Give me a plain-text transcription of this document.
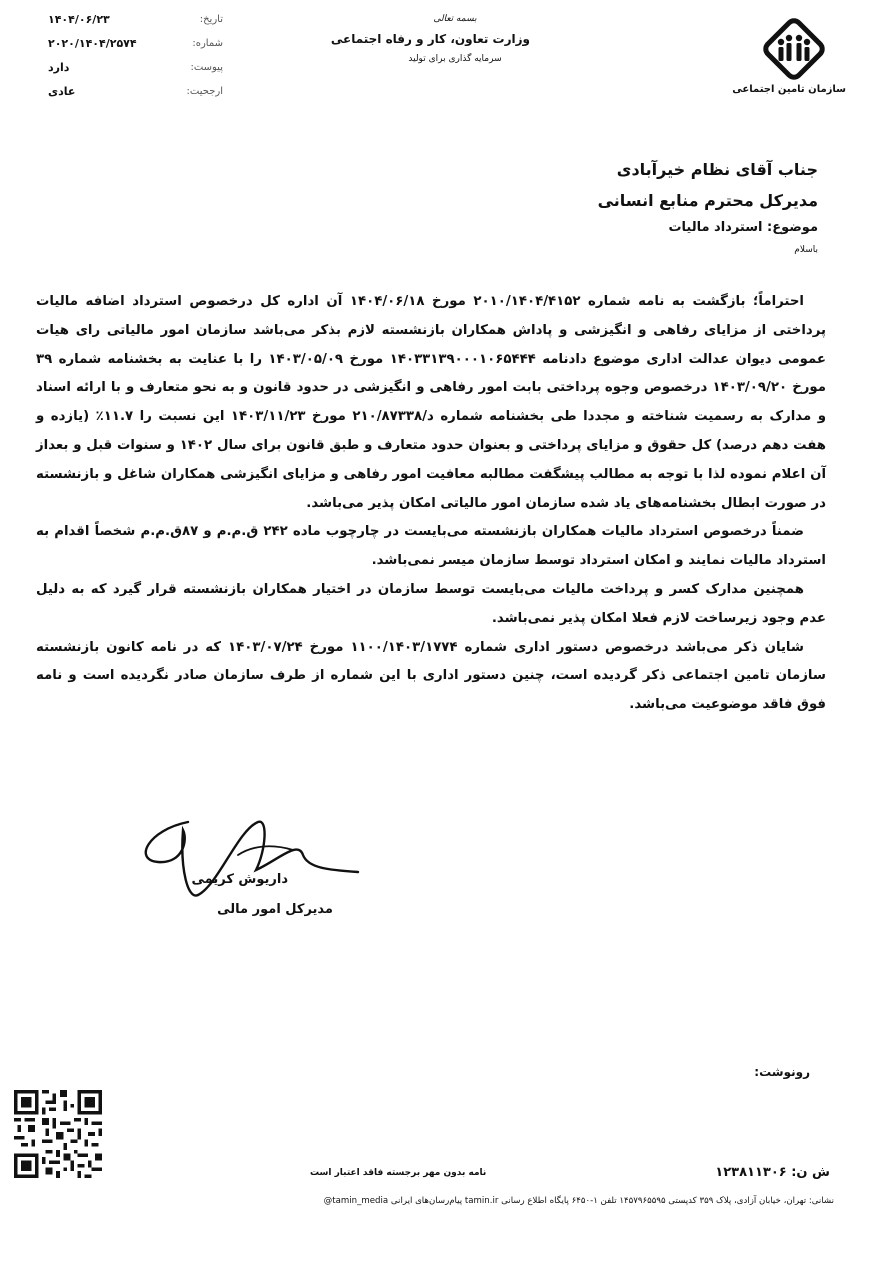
سازمان تامین اجتماعی
بسمه تعالی
وزارت تعاون، کار و رفاه اجتماعی
سرمایه گذاری برای تولید
تاریخ:
۱۴۰۴/۰۶/۲۳
شماره:
۲۰۲۰/۱۴۰۴/۲۵۷۴
پیوست:
دارد
ارجحیت:
عادی
جناب آقای نظام خیرآبادی
مدیرکل محترم منابع انسانی
موضوع: استرداد مالیات
باسلام

احتراماً؛ بازگشت به نامه شماره ۲۰۱۰/۱۴۰۴/۴۱۵۲ مورخ ۱۴۰۴/۰۶/۱۸ آن اداره کل درخصوص استرداد اضافه مالیات پرداختی از مزایای رفاهی و انگیزشی و پاداش همکاران بازنشسته لازم بذکر می‌باشد سازمان امور مالیاتی رای هیات عمومی دیوان عدالت اداری موضوع دادنامه ۱۴۰۳۳۱۳۹۰۰۰۱۰۶۵۴۴۴ مورخ ۱۴۰۳/۰۵/۰۹ را با عنایت به بخشنامه شماره ۳۹ مورخ ۱۴۰۳/۰۹/۲۰ درخصوص وجوه پرداختی بابت امور رفاهی و انگیزشی در حدود قانون و به نحو متعارف و با ارائه اسناد و مدارک به رسمیت شناخته و مجددا طی بخشنامه شماره د/۲۱۰/۸۷۳۳۸ مورخ ۱۴۰۳/۱۱/۲۳ این نسبت را ۱۱.۷٪ (یازده و هفت دهم درصد) کل حقوق و مزایای پرداختی و بعنوان حدود متعارف و طبق قانون برای سال ۱۴۰۲ و سنوات قبل و بعداز آن اعلام نموده لذا با توجه به مطالب پیشگفت مطالبه معافیت امور رفاهی و مزایای انگیزشی همکاران شاغل و بازنشسته در صورت ابطال بخشنامه‌های یاد شده سازمان امور مالیاتی امکان پذیر می‌باشد.

ضمناً درخصوص استرداد مالیات همکاران بازنشسته می‌بایست در چارچوب ماده ۲۴۲ ق.م.م و ۸۷ق.م.م شخصاً اقدام به استرداد مالیات نمایند و امکان استرداد توسط سازمان میسر نمی‌باشد.

همچنین مدارک کسر و پرداخت مالیات می‌بایست توسط سازمان در اختیار همکاران بازنشسته قرار گیرد که به دلیل عدم وجود زیرساخت لازم فعلا امکان پذیر نمی‌باشد.

شایان ذکر می‌باشد درخصوص دستور اداری شماره ۱۱۰۰/۱۴۰۳/۱۷۷۴ مورخ ۱۴۰۳/۰۷/۲۴ که در نامه کانون بازنشسته سازمان تامین اجتماعی ذکر گردیده است، چنین دستور اداری با این شماره از طرف سازمان صادر نگردیده است و نامه فوق فاقد موضوعیت می‌باشد.

داریوش کریمی
مدیرکل امور مالی
رونوشت:
نامه بدون مهر برجسته فاقد اعتبار است	ش ن: ۱۲۳۸۱۱۳۰۶
نشانی: تهران، خیابان آزادی، پلاک ۳۵۹ کدپستی ۱۴۵۷۹۶۵۵۹۵ تلفن ۱-۶۴۵۰ پایگاه اطلاع رسانی tamin.ir پیام‌رسان‌های ایرانی tamin_media@
